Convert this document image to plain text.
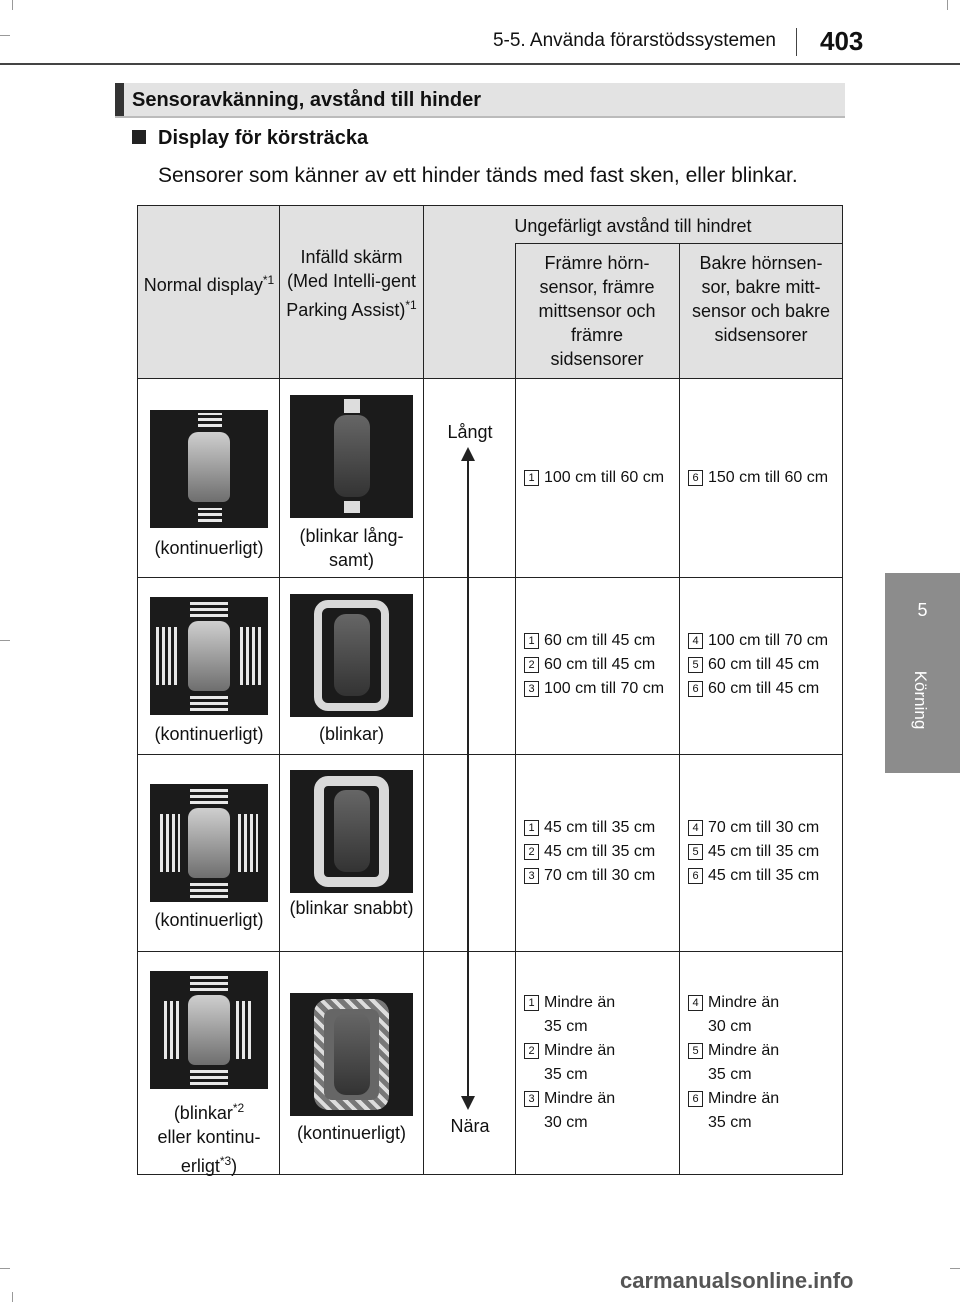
5-5. Använda förarstödssystemen 403
5
Körning
Sensoravkänning, avstånd till hinder
Display för körsträcka
Sensorer som känner av ett hinder tänds med fast sken, eller blinkar.
Normal display$^{*1}$
Infälld skärm (Med Intelli-gent Parking Assist)$^{*1}$
Ungefärligt avstånd till hindret
Främre hörn-sensor, främre mittsensor och främre sidsensorer
Bakre hörnsen-sor, bakre mitt-sensor och bakre sidsensorer
Långt
Nära
(kontinuerligt)
(blinkar lång-samt)
1 100 cm till 60 cm	6 150 cm till 60 cm
(kontinuerligt)	(blinkar)
1 60 cm till 45 cm
2 60 cm till 45 cm
3 100 cm till 70 cm
4 100 cm till 70 cm
5 60 cm till 45 cm
6 60 cm till 45 cm
(kontinuerligt)
(blinkar snabbt)
1 45 cm till 35 cm
2 45 cm till 35 cm
3 70 cm till 30 cm
4 70 cm till 30 cm
5 45 cm till 35 cm
6 45 cm till 35 cm
(blinkar$^{*2}$
eller kontinu-
erligt$^{*3}$)
(kontinuerligt)
1 Mindre än
35 cm
2 Mindre än
35 cm
3 Mindre än
30 cm
4 Mindre än
30 cm
5 Mindre än
35 cm
6 Mindre än
35 cm
carmanualsonline.info
